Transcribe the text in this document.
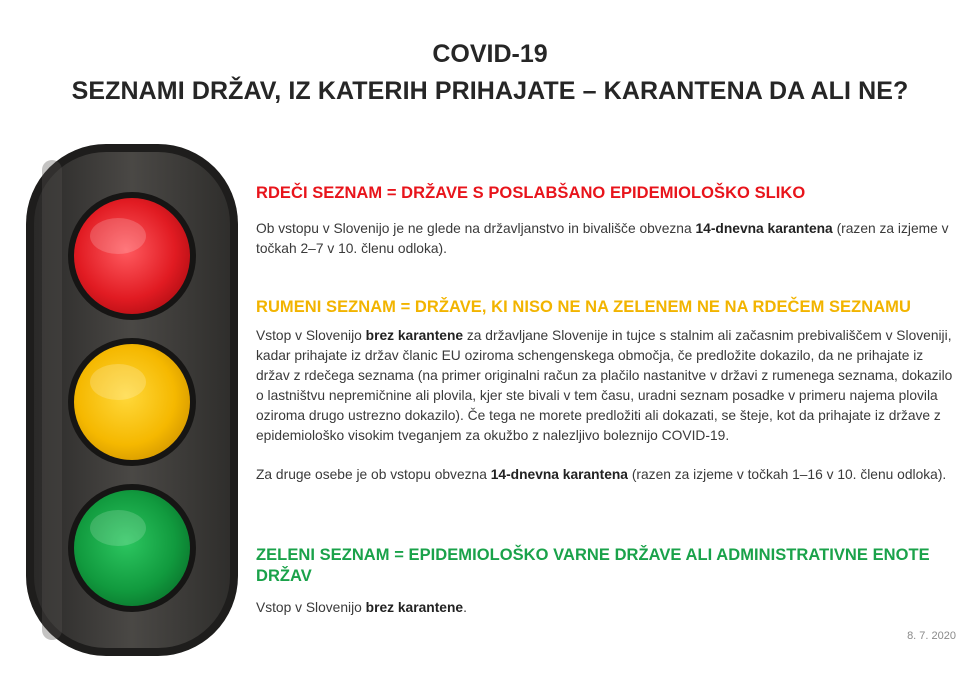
COVID-19
SEZNAMI DRŽAV, IZ KATERIH PRIHAJATE – KARANTENA DA ALI NE?
RDEČI SEZNAM = DRŽAVE S POSLABŠANO EPIDEMIOLOŠKO SLIKO

Ob vstopu v Slovenijo je ne glede na državljanstvo in bivališče obvezna 14-dnevna karantena (razen za izjeme v točkah 2–7 v 10. členu odloka).

RUMENI SEZNAM = DRŽAVE, KI NISO NE NA ZELENEM NE NA RDEČEM SEZNAMU

Vstop v Slovenijo brez karantene za državljane Slovenije in tujce s stalnim ali začasnim prebivališčem v Sloveniji, kadar prihajate iz držav članic EU oziroma schengenskega območja, če predložite dokazilo, da ne prihajate iz držav z rdečega seznama (na primer originalni račun za plačilo nastanitve v državi z rumenega seznama, dokazilo o lastništvu nepremičnine ali plovila, kjer ste bivali v tem času, uradni seznam posadke v primeru najema plovila oziroma drugo ustrezno dokazilo). Če tega ne morete predložiti ali dokazati, se šteje, kot da prihajate iz države z epidemiološko visokim tveganjem za okužbo z nalezljivo boleznijo COVID-19.

Za druge osebe je ob vstopu obvezna 14-dnevna karantena (razen za izjeme v točkah 1–16 v 10. členu odloka).

ZELENI SEZNAM = EPIDEMIOLOŠKO VARNE DRŽAVE ALI ADMINISTRATIVNE ENOTE DRŽAV

Vstop v Slovenijo brez karantene.

8. 7. 2020
